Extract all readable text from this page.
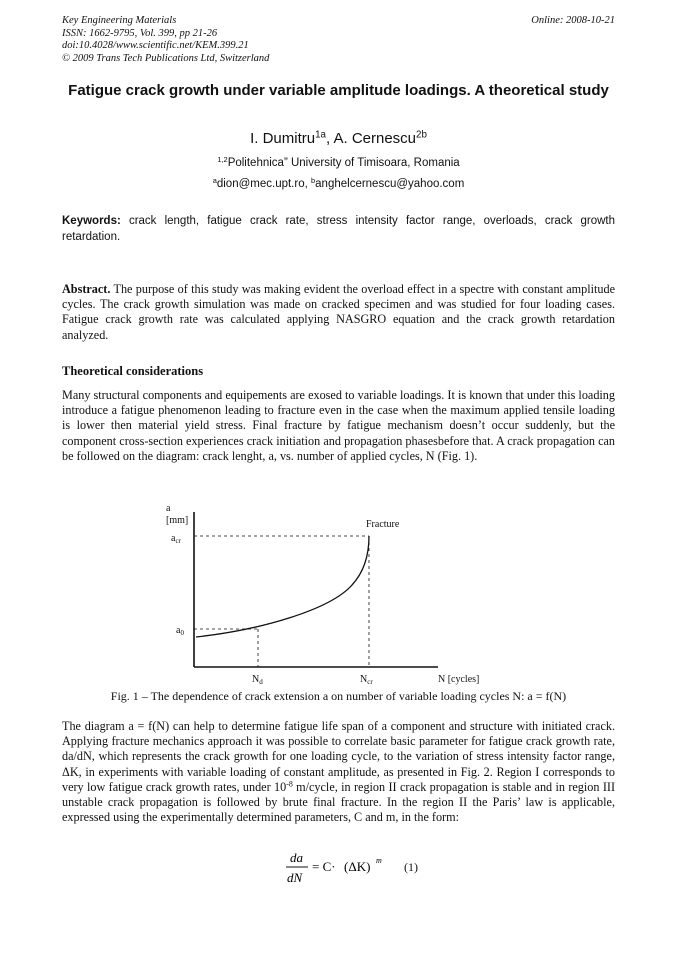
Key Engineering Materials
ISSN: 1662-9795, Vol. 399, pp 21-26
doi:10.4028/www.scientific.net/KEM.399.21
© 2009 Trans Tech Publications Ltd, Switzerland
Online: 2008-10-21
Fatigue crack growth under variable amplitude loadings. A theoretical study
I. Dumitru$^{1a}$, A. Cernescu$^{2b}$
$^{1,2}$Politehnica” University of Timisoara, Romania
$^a$dion@mec.upt.ro, $^b$anghelcernescu@yahoo.com
Keywords: crack length, fatigue crack rate, stress intensity factor range, overloads, crack growth retardation.
Abstract. The purpose of this study was making evident the overload effect in a spectre with constant amplitude cycles. The crack growth simulation was made on cracked specimen and was studied for four loading cases. Fatigue crack growth rate was calculated applying NASGRO equation and the crack growth retardation analyzed.
Theoretical considerations
Many structural components and equipements are exosed to variable loadings. It is known that under this loading introduce a fatigue phenomenon leading to fracture even in the case when the maximum applied tensile loading is lower then material yield stress. Final fracture by fatigue mechanism doesn’t occur suddenly, but the component cross-section experiences crack initiation and propagation phasesbefore that. A crack propagation can be followed on the diagram: crack lenght, a, vs. number of applied cycles, N (Fig. 1).
a
[mm]
$a_{cr}$
$a_0$
$N_d$	$N_{cr}$	N [cycles]
Fracture
Fig. 1 – The dependence of crack extension a on number of variable loading cycles N: a = f(N)
The diagram a = f(N) can help to determine fatigue life span of a component and structure with initiated crack. Applying fracture mechanics approach it was possible to correlate basic parameter for fatigue crack growth rate, da/dN, which represents the crack growth for one loading cycle, to the variation of stress intensity factor range, ΔK, in experiments with variable loading of constant amplitude, as presented in Fig. 2. Region I corresponds to very low fatigue crack growth rates, under $10^{-8}$ m/cycle, in region II crack propagation is stable and in region III unstable crack propagation is followed by brute final fracture. In the region II the Paris’ law is applicable, expressed using the experimentally determined parameters, C and m, in the form:
da
dN
= C· (ΔK) m (1)
